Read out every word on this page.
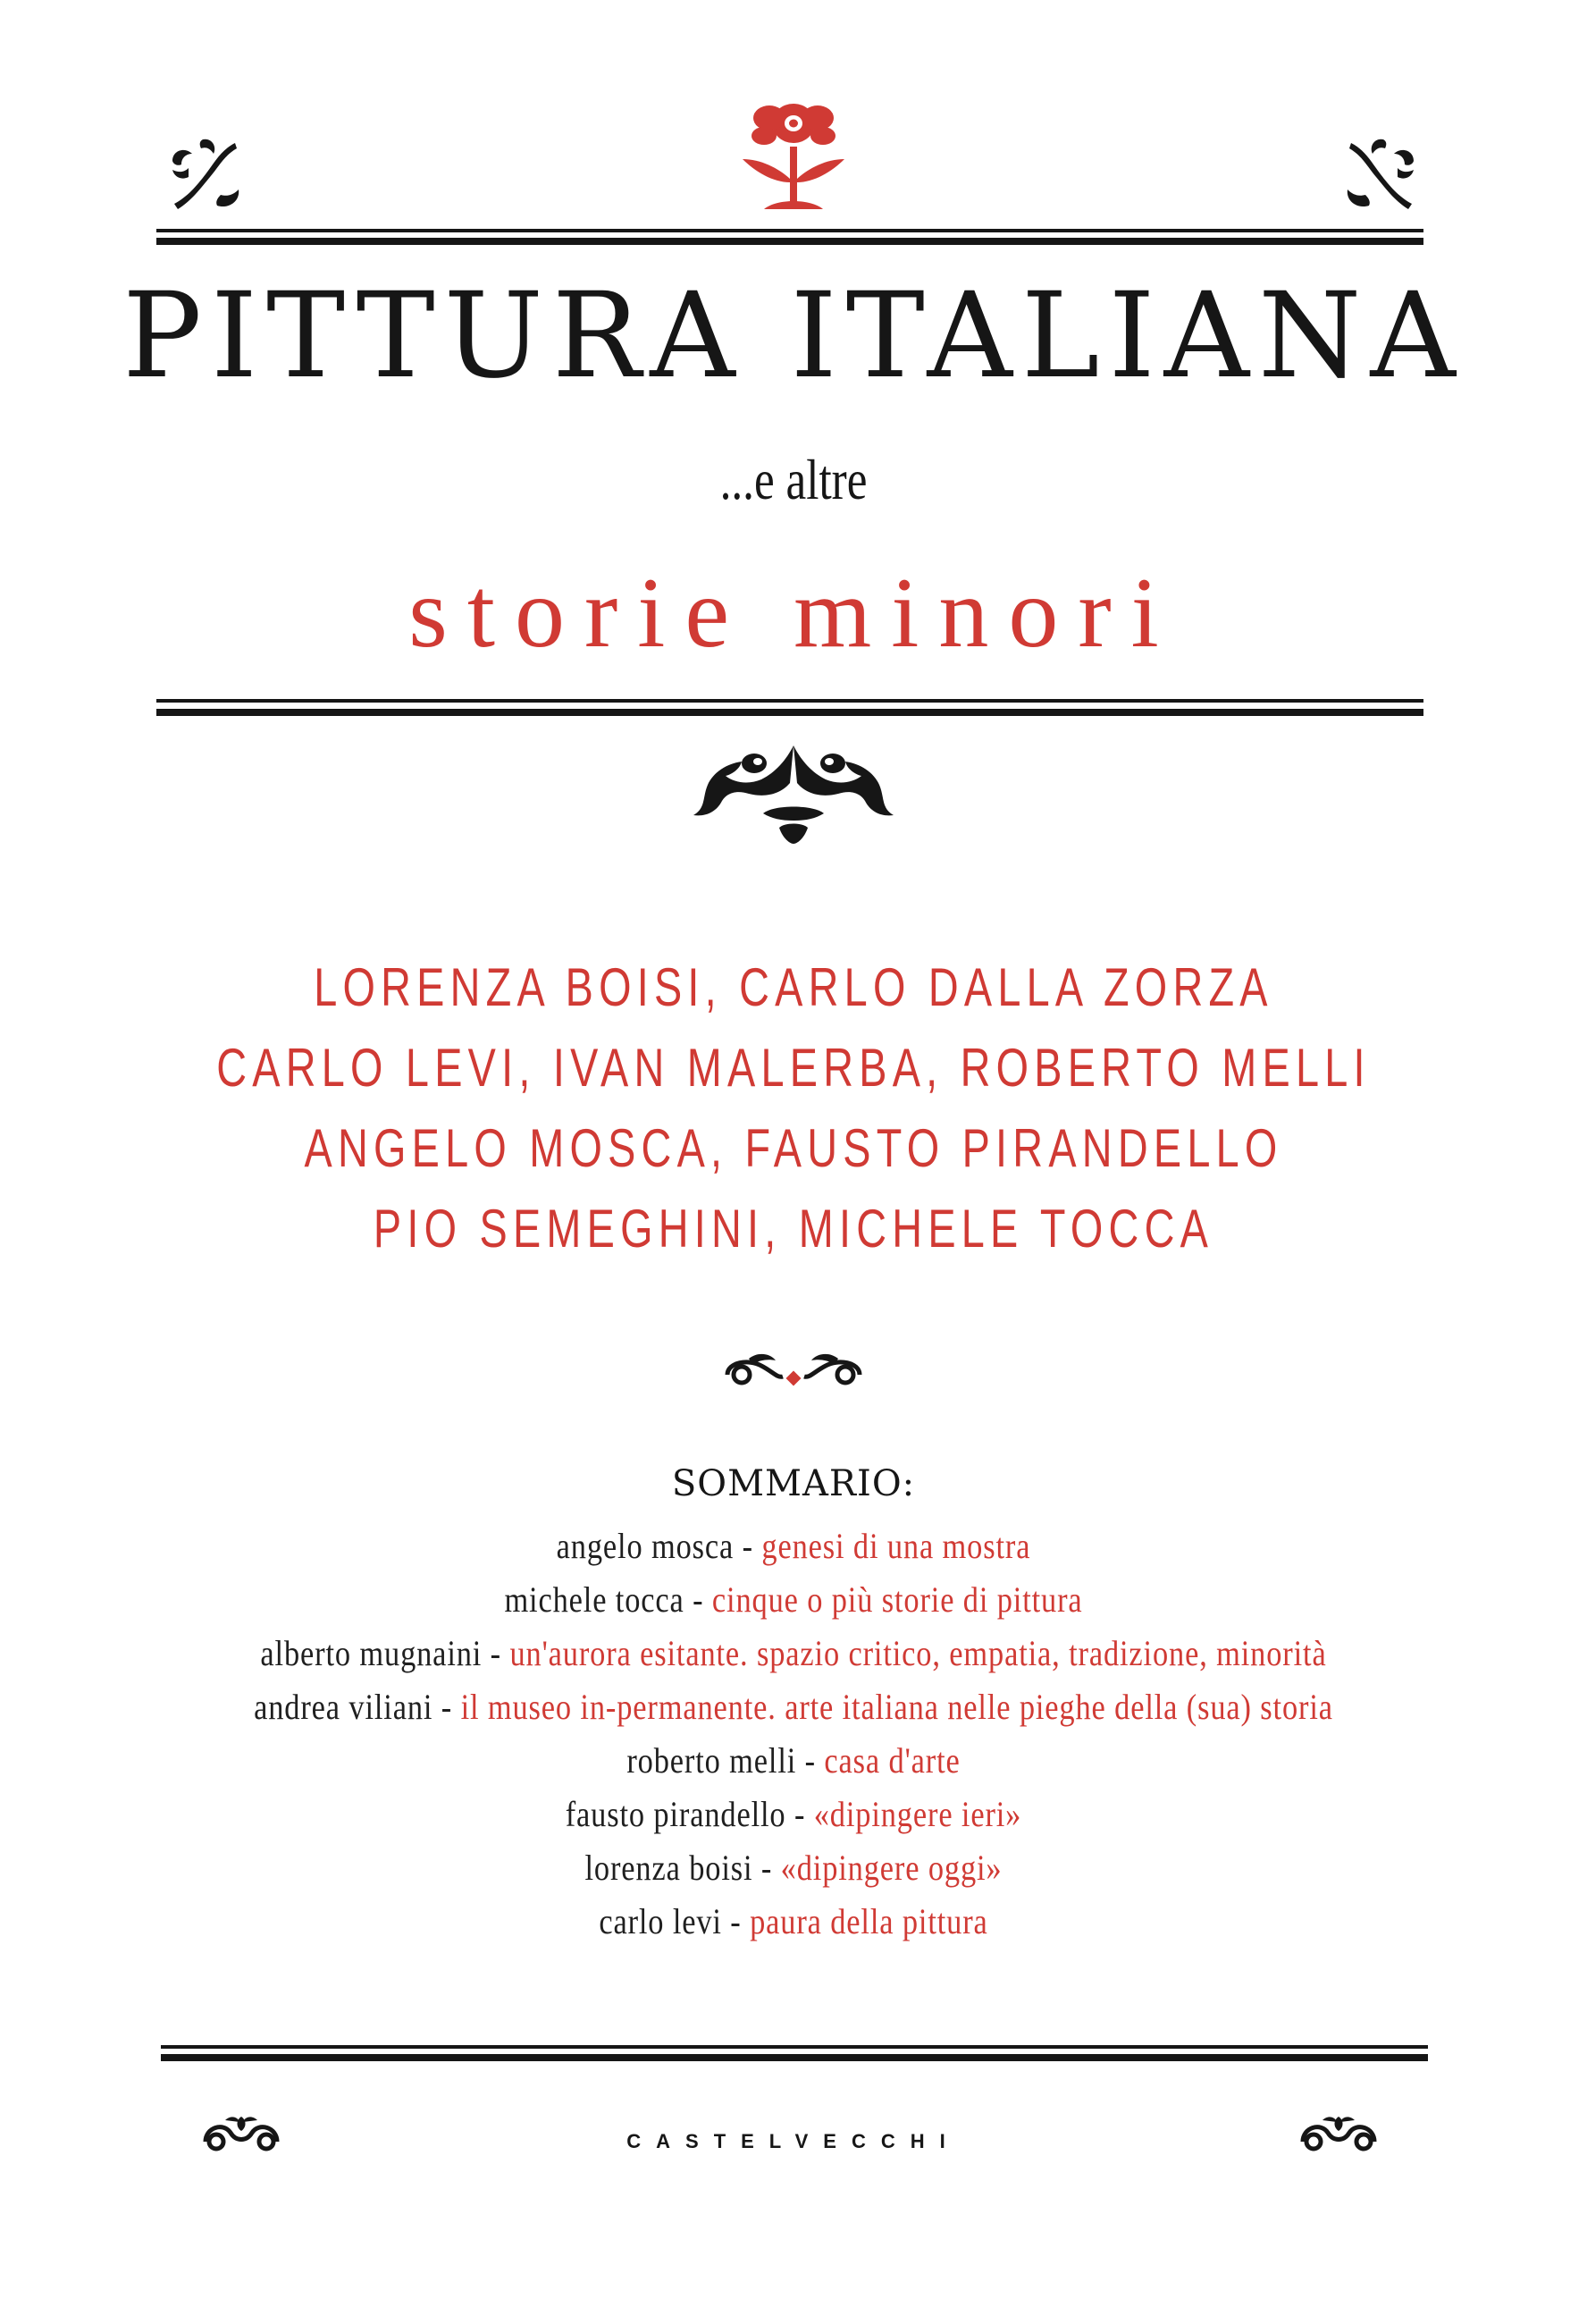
PITTURA ITALIANA
...e altre
storie minori
LORENZA BOISI, CARLO DALLA ZORZA
CARLO LEVI, IVAN MALERBA, ROBERTO MELLI
ANGELO MOSCA, FAUSTO PIRANDELLO
PIO SEMEGHINI, MICHELE TOCCA
SOMMARIO:
angelo mosca - genesi di una mostra
michele tocca - cinque o più storie di pittura
alberto mugnaini - un'aurora esitante. spazio critico, empatia, tradizione, minorità
andrea viliani - il museo in-permanente. arte italiana nelle pieghe della (sua) storia
roberto melli - casa d'arte
fausto pirandello - «dipingere ieri»
lorenza boisi - «dipingere oggi»
carlo levi - paura della pittura
CASTELVECCHI
